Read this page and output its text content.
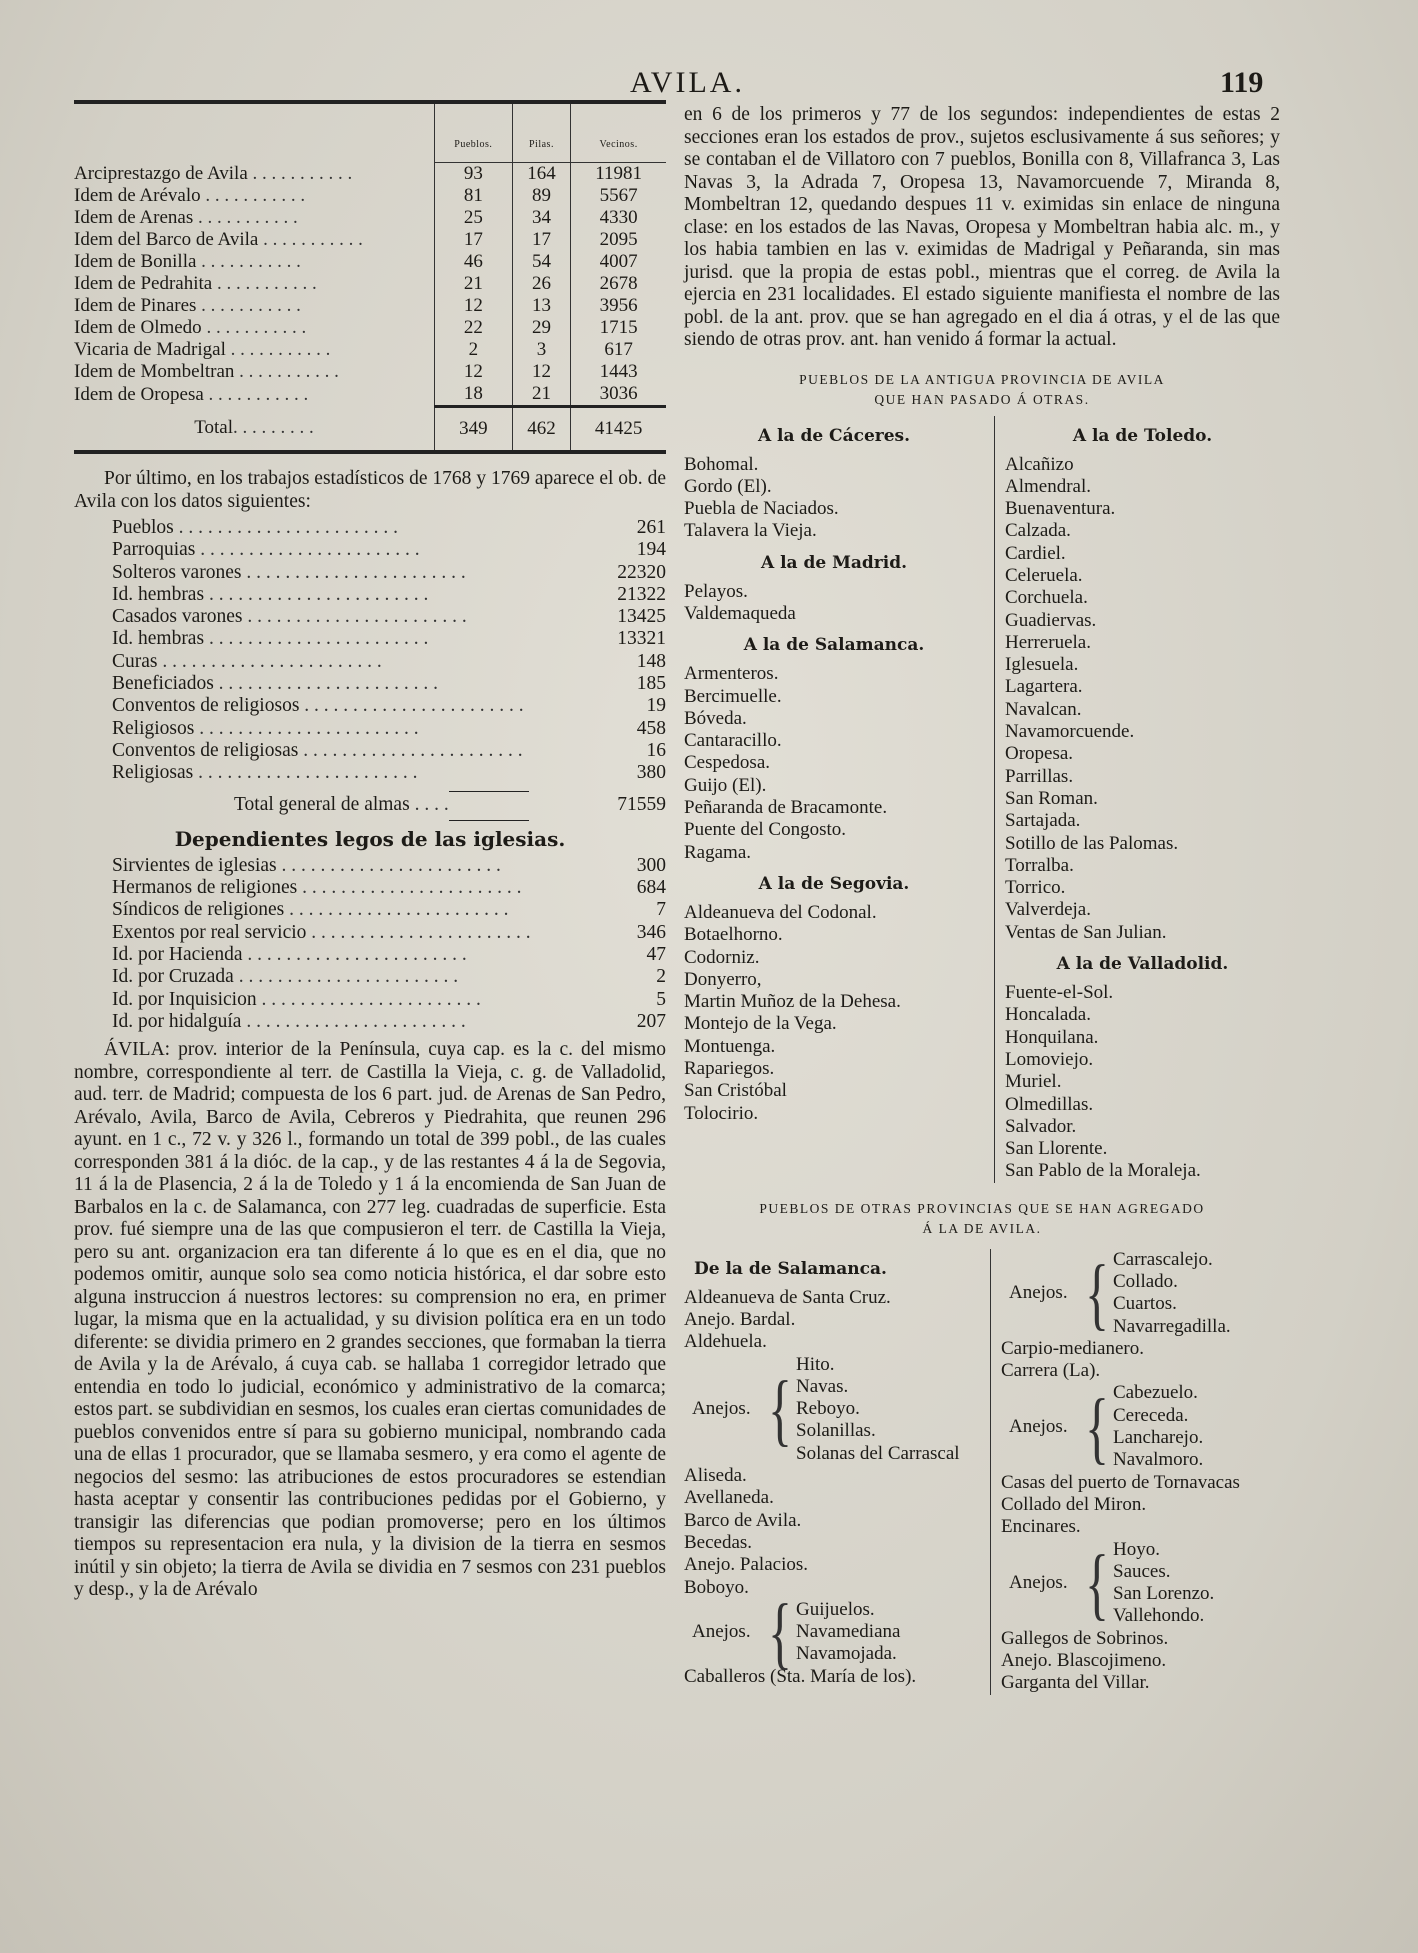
AVILA.	119
	Pueblos.	Pilas.	Vecinos.
Arciprestazgo de Avila . . . . . . . . . . .	93	164	11981
Idem de Arévalo . . . . . . . . . . .	81	89	5567
Idem de Arenas . . . . . . . . . . .	25	34	4330
Idem del Barco de Avila . . . . . . . . . . .	17	17	2095
Idem de Bonilla . . . . . . . . . . .	46	54	4007
Idem de Pedrahita . . . . . . . . . . .	21	26	2678
Idem de Pinares . . . . . . . . . . .	12	13	3956
Idem de Olmedo . . . . . . . . . . .	22	29	1715
Vicaria de Madrigal . . . . . . . . . . .	2	3	617
Idem de Mombeltran . . . . . . . . . . .	12	12	1443
Idem de Oropesa . . . . . . . . . . .	18	21	3036
Total. . . . . . . . .	349	462	41425

Por último, en los trabajos estadísticos de 1768 y 1769 aparece el ob. de Avila con los datos siguientes:

Pueblos . . . . . . . . . . . . . . . . . . . . . . .	261
Parroquias . . . . . . . . . . . . . . . . . . . . . . .	194
Solteros varones . . . . . . . . . . . . . . . . . . . . . . .	22320
Id. hembras . . . . . . . . . . . . . . . . . . . . . . .	21322
Casados varones . . . . . . . . . . . . . . . . . . . . . . .	13425
Id. hembras . . . . . . . . . . . . . . . . . . . . . . .	13321
Curas . . . . . . . . . . . . . . . . . . . . . . .	148
Beneficiados . . . . . . . . . . . . . . . . . . . . . . .	185
Conventos de religiosos . . . . . . . . . . . . . . . . . . . . . . .	19
Religiosos . . . . . . . . . . . . . . . . . . . . . . .	458
Conventos de religiosas . . . . . . . . . . . . . . . . . . . . . . .	16
Religiosas . . . . . . . . . . . . . . . . . . . . . . .	380
Total general de almas . . . .	71559
Dependientes legos de las iglesias.
Sirvientes de iglesias . . . . . . . . . . . . . . . . . . . . . . .	300
Hermanos de religiones . . . . . . . . . . . . . . . . . . . . . . .	684
Síndicos de religiones . . . . . . . . . . . . . . . . . . . . . . .	7
Exentos por real servicio . . . . . . . . . . . . . . . . . . . . . . .	346
Id. por Hacienda . . . . . . . . . . . . . . . . . . . . . . .	47
Id. por Cruzada . . . . . . . . . . . . . . . . . . . . . . .	2
Id. por Inquisicion . . . . . . . . . . . . . . . . . . . . . . .	5
Id. por hidalguía . . . . . . . . . . . . . . . . . . . . . . .	207

ÁVILA: prov. interior de la Península, cuya cap. es la c. del mismo nombre, correspondiente al terr. de Castilla la Vieja, c. g. de Valladolid, aud. terr. de Madrid; compuesta de los 6 part. jud. de Arenas de San Pedro, Arévalo, Avila, Barco de Avila, Cebreros y Piedrahita, que reunen 296 ayunt. en 1 c., 72 v. y 326 l., formando un total de 399 pobl., de las cuales corresponden 381 á la dióc. de la cap., y de las restantes 4 á la de Segovia, 11 á la de Plasencia, 2 á la de Toledo y 1 á la encomienda de San Juan de Barbalos en la c. de Salamanca, con 277 leg. cuadradas de superficie. Esta prov. fué siempre una de las que compusieron el terr. de Castilla la Vieja, pero su ant. organizacion era tan diferente á lo que es en el dia, que no podemos omitir, aunque solo sea como noticia histórica, el dar sobre esto alguna instruccion á nuestros lectores: su comprension no era, en primer lugar, la misma que en la actualidad, y su division política era en un todo diferente: se dividia primero en 2 grandes secciones, que formaban la tierra de Avila y la de Arévalo, á cuya cab. se hallaba 1 corregidor letrado que entendia en todo lo judicial, económico y administrativo de la comarca; estos part. se subdividian en sesmos, los cuales eran ciertas comunidades de pueblos convenidos entre sí para su gobierno municipal, nombrando cada una de ellas 1 procurador, que se llamaba sesmero, y era como el agente de negocios del sesmo: las atribuciones de estos procuradores se estendian hasta aceptar y consentir las contribuciones pedidas por el Gobierno, y transigir las diferencias que podian promoverse; pero en los últimos tiempos su representacion era nula, y la division de la tierra en sesmos inútil y sin objeto; la tierra de Avila se dividia en 7 sesmos con 231 pueblos y desp., y la de Arévalo

en 6 de los primeros y 77 de los segundos: independientes de estas 2 secciones eran los estados de prov., sujetos esclusivamente á sus señores; y se contaban el de Villatoro con 7 pueblos, Bonilla con 8, Villafranca 3, Las Navas 3, la Adrada 7, Oropesa 13, Navamorcuende 7, Miranda 8, Mombeltran 12, quedando despues 11 v. eximidas sin enlace de ninguna clase: en los estados de las Navas, Oropesa y Mombeltran habia alc. m., y los habia tambien en las v. eximidas de Madrigal y Peñaranda, sin mas jurisd. que la propia de estas pobl., mientras que el correg. de Avila la ejercia en 231 localidades. El estado siguiente manifiesta el nombre de las pobl. de la ant. prov. que se han agregado en el dia á otras, y el de las que siendo de otras prov. ant. han venido á formar la actual.

PUEBLOS DE LA ANTIGUA PROVINCIA DE AVILA
QUE HAN PASADO Á OTRAS.
A la de Cáceres.
Bohomal.
Gordo (El).
Puebla de Naciados.
Talavera la Vieja.
A la de Madrid.
Pelayos.
Valdemaqueda
A la de Salamanca.
Armenteros.
Bercimuelle.
Bóveda.
Cantaracillo.
Cespedosa.
Guijo (El).
Peñaranda de Bracamonte.
Puente del Congosto.
Ragama.
A la de Segovia.
Aldeanueva del Codonal.
Botaelhorno.
Codorniz.
Donyerro,
Martin Muñoz de la Dehesa.
Montejo de la Vega.
Montuenga.
Rapariegos.
San Cristóbal
Tolocirio.
A la de Toledo.
Alcañizo
Almendral.
Buenaventura.
Calzada.
Cardiel.
Celeruela.
Corchuela.
Guadiervas.
Herreruela.
Iglesuela.
Lagartera.
Navalcan.
Navamorcuende.
Oropesa.
Parrillas.
San Roman.
Sartajada.
Sotillo de las Palomas.
Torralba.
Torrico.
Valverdeja.
Ventas de San Julian.
A la de Valladolid.
Fuente-el-Sol.
Honcalada.
Honquilana.
Lomoviejo.
Muriel.
Olmedillas.
Salvador.
San Llorente.
San Pablo de la Moraleja.
PUEBLOS DE OTRAS PROVINCIAS QUE SE HAN AGREGADO
Á LA DE AVILA.
De la de Salamanca.
Aldeanueva de Santa Cruz.
Anejo. Bardal.
Aldehuela.
Anejos. {
Hito.
Navas.
Reboyo.
Solanillas.
Solanas del Carrascal
Aliseda.
Avellaneda.
Barco de Avila.
Becedas.
Anejo. Palacios.
Boboyo.
Anejos. { Guijuelos.
Navamediana
Navamojada.
Caballeros (Sta. María de los).
Anejos. { Carrascalejo.
Collado.
Cuartos.
Navarregadilla.
Carpio-medianero.
Carrera (La).
Anejos. { Cabezuelo.
Cereceda.
Lancharejo.
Navalmoro.
Casas del puerto de Tornavacas
Collado del Miron.
Encinares.
Anejos. { Hoyo.
Sauces.
San Lorenzo.
Vallehondo.
Gallegos de Sobrinos.
Anejo. Blascojimeno.
Garganta del Villar.
